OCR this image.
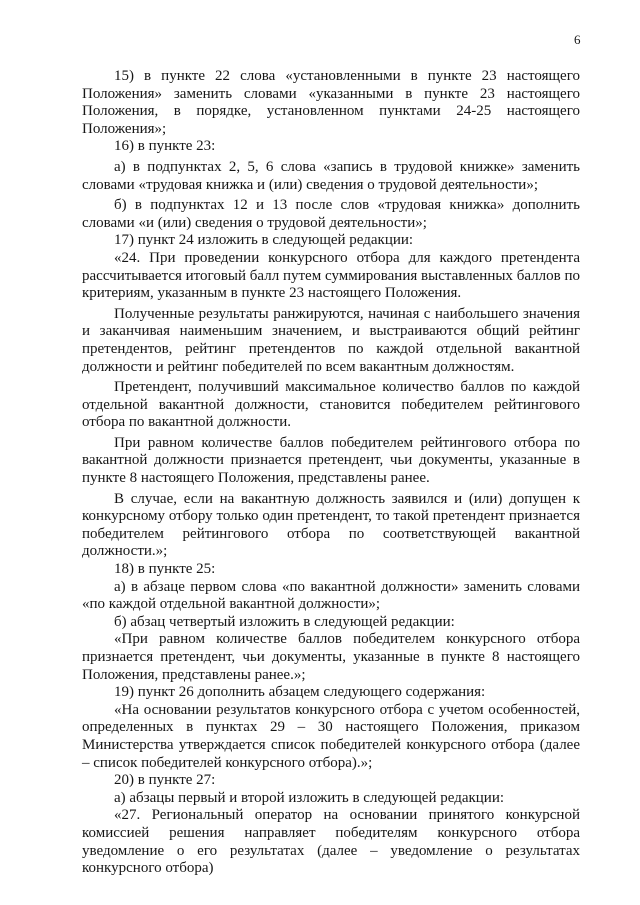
6

15) в пункте 22 слова «установленными в пункте 23 настоящего Положения» заменить словами «указанными в пункте 23 настоящего Положения, в порядке, установленном пунктами 24-25 настоящего Положения»;

16) в пункте 23:

а) в подпунктах 2, 5, 6 слова «запись в трудовой книжке» заменить словами «трудовая книжка и (или) сведения о трудовой деятельности»;

б) в подпунктах 12 и 13 после слов «трудовая книжка» дополнить словами «и (или) сведения о трудовой деятельности»;

17) пункт 24 изложить в следующей редакции:

«24. При проведении конкурсного отбора для каждого претендента рассчитывается итоговый балл путем суммирования выставленных баллов по критериям, указанным в пункте 23 настоящего Положения.

Полученные результаты ранжируются, начиная с наибольшего значения и заканчивая наименьшим значением, и выстраиваются общий рейтинг претендентов, рейтинг претендентов по каждой отдельной вакантной должности и рейтинг победителей по всем вакантным должностям.

Претендент, получивший максимальное количество баллов по каждой отдельной вакантной должности, становится победителем рейтингового отбора по вакантной должности.

При равном количестве баллов победителем рейтингового отбора по вакантной должности признается претендент, чьи документы, указанные в пункте 8 настоящего Положения, представлены ранее.

В случае, если на вакантную должность заявился и (или) допущен к конкурсному отбору только один претендент, то такой претендент признается победителем рейтингового отбора по соответствующей вакантной должности.»;

18) в пункте 25:

а) в абзаце первом слова «по вакантной должности» заменить словами «по каждой отдельной вакантной должности»;

б) абзац четвертый изложить в следующей редакции:

«При равном количестве баллов победителем конкурсного отбора признается претендент, чьи документы, указанные в пункте 8 настоящего Положения, представлены ранее.»;

19) пункт 26 дополнить абзацем следующего содержания:

«На основании результатов конкурсного отбора с учетом особенностей, определенных в пунктах 29 – 30 настоящего Положения, приказом Министерства утверждается список победителей конкурсного отбора (далее – список победителей конкурсного отбора).»;

20) в пункте 27:

а) абзацы первый и второй изложить в следующей редакции:

«27. Региональный оператор на основании принятого конкурсной комиссией решения направляет победителям конкурсного отбора уведомление о его результатах (далее – уведомление о результатах конкурсного отбора)
